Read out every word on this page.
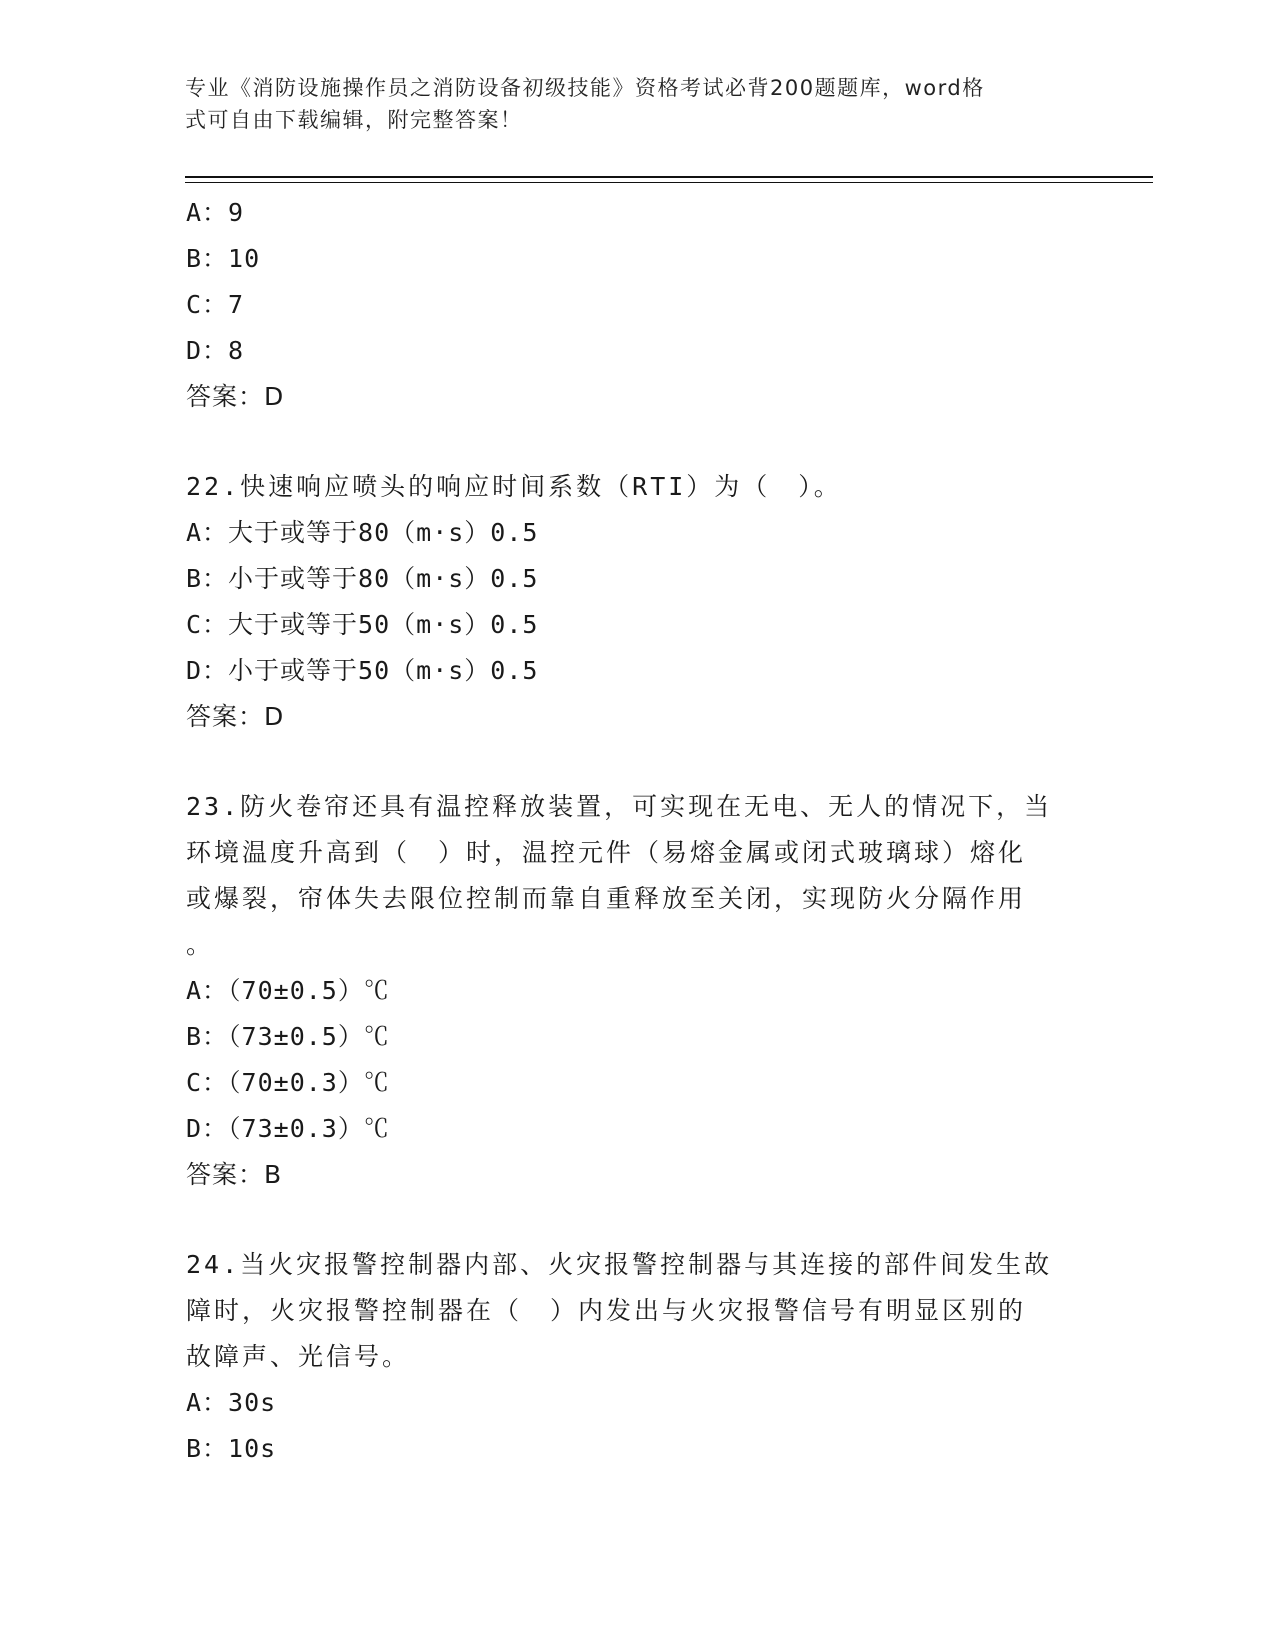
专业《消防设施操作员之消防设备初级技能》资格考试必背200题题库，word格
式可自由下载编辑，附完整答案！
A：9
B：10
C：7
D：8
答案：D
22.快速响应喷头的响应时间系数（RTI）为（　）。
A：大于或等于80（m·s）0.5
B：小于或等于80（m·s）0.5
C：大于或等于50（m·s）0.5
D：小于或等于50（m·s）0.5
答案：D
23.防火卷帘还具有温控释放装置，可实现在无电、无人的情况下，当
环境温度升高到（　）时，温控元件（易熔金属或闭式玻璃球）熔化
或爆裂，帘体失去限位控制而靠自重释放至关闭，实现防火分隔作用
。
A：（70±0.5）℃
B：（73±0.5）℃
C：（70±0.3）℃
D：（73±0.3）℃
答案：B
24.当火灾报警控制器内部、火灾报警控制器与其连接的部件间发生故
障时，火灾报警控制器在（　）内发出与火灾报警信号有明显区别的
故障声、光信号。
A：30s
B：10s
